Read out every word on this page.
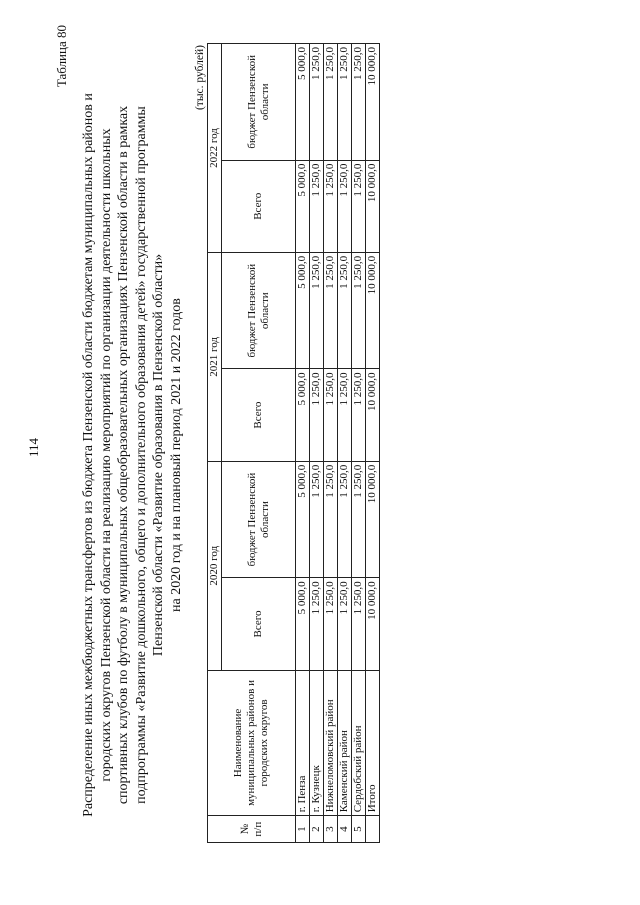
114
Таблица 80
Распределение иных межбюджетных трансфертов из бюджета Пензенской области бюджетам муниципальных районов и городских округов Пензенской области на реализацию мероприятий по организации деятельности школьных спортивных клубов по футболу в муниципальных общеобразовательных организациях Пензенской области в рамках подпрограммы «Развитие дошкольного, общего и дополнительного образования детей» государственной программы Пензенской области «Развитие образования в Пензенской области» на 2020 год и на плановый период 2021 и 2022 годов
(тыс. рублей)
№ п/п	Наименование муниципальных районов и городских округов	2020 год		2021 год		2022 год	
		Всего	бюджет Пензенской области	Всего	бюджет Пензенской области	Всего	бюджет Пензенской области
1	г. Пенза	5 000,0	5 000,0	5 000,0	5 000,0	5 000,0	5 000,0
2	г. Кузнецк	1 250,0	1 250,0	1 250,0	1 250,0	1 250,0	1 250,0
3	Нижнеломовский район	1 250,0	1 250,0	1 250,0	1 250,0	1 250,0	1 250,0
4	Каменский район	1 250,0	1 250,0	1 250,0	1 250,0	1 250,0	1 250,0
5	Сердобский район	1 250,0	1 250,0	1 250,0	1 250,0	1 250,0	1 250,0
	Итого	10 000,0	10 000,0	10 000,0	10 000,0	10 000,0	10 000,0
